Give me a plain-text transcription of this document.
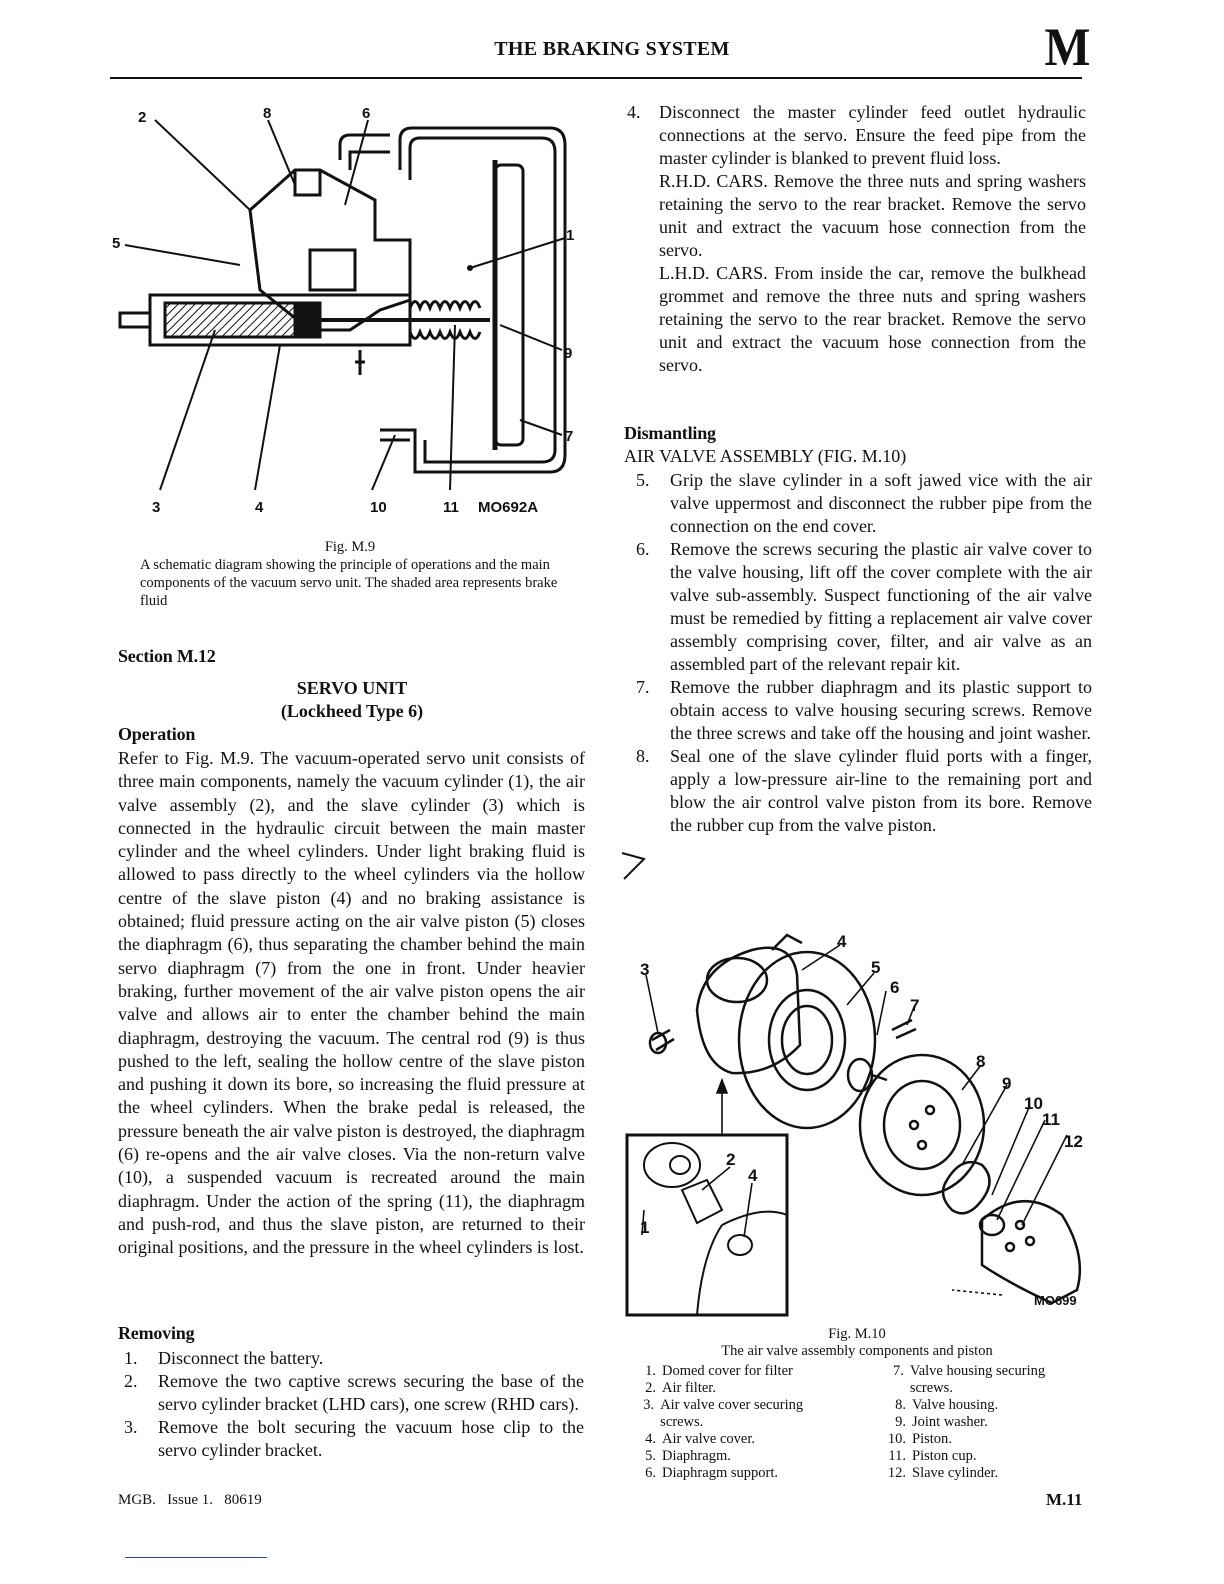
THE BRAKING SYSTEM	M
2	8	6
5	1
9
7
3	4	10	11 MO692A
Fig. M.9
A schematic diagram showing the principle of operations and the main components of the vacuum servo unit. The shaded area represents brake fluid
Section M.12
SERVO UNIT
(Lockheed Type 6)
Operation
Refer to Fig. M.9. The vacuum-operated servo unit consists of three main components, namely the vacuum cylinder (1), the air valve assembly (2), and the slave cylinder (3) which is connected in the hydraulic circuit between the main master cylinder and the wheel cylinders. Under light braking fluid is allowed to pass directly to the wheel cylinders via the hollow centre of the slave piston (4) and no braking assistance is obtained; fluid pressure acting on the air valve piston (5) closes the diaphragm (6), thus separating the chamber behind the main servo diaphragm (7) from the one in front. Under heavier braking, further movement of the air valve piston opens the air valve and allows air to enter the chamber behind the main diaphragm, destroying the vacuum. The central rod (9) is thus pushed to the left, sealing the hollow centre of the slave piston and pushing it down its bore, so increasing the fluid pressure at the wheel cylinders. When the brake pedal is released, the pressure beneath the air valve piston is destroyed, the diaphragm (6) re-opens and the air valve closes. Via the non-return valve (10), a suspended vacuum is recreated around the main diaphragm. Under the action of the spring (11), the diaphragm and push-rod, and thus the slave piston, are returned to their original positions, and the pressure in the wheel cylinders is lost.
Removing
1. Disconnect the battery.
2. Remove the two captive screws securing the base of the servo cylinder bracket (LHD cars), one screw (RHD cars).
3. Remove the bolt securing the vacuum hose clip to the servo cylinder bracket.
4. Disconnect the master cylinder feed outlet hydraulic connections at the servo. Ensure the feed pipe from the master cylinder is blanked to prevent fluid loss.
R.H.D. CARS. Remove the three nuts and spring washers retaining the servo to the rear bracket. Remove the servo unit and extract the vacuum hose connection from the servo.
L.H.D. CARS. From inside the car, remove the bulkhead grommet and remove the three nuts and spring washers retaining the servo to the rear bracket. Remove the servo unit and extract the vacuum hose connection from the servo.
Dismantling
AIR VALVE ASSEMBLY (FIG. M.10)
5. Grip the slave cylinder in a soft jawed vice with the air valve uppermost and disconnect the rubber pipe from the connection on the end cover.
6. Remove the screws securing the plastic air valve cover to the valve housing, lift off the cover complete with the air valve sub-assembly. Suspect functioning of the air valve must be remedied by fitting a replacement air valve cover assembly comprising cover, filter, and air valve as an assembled part of the relevant repair kit.
7. Remove the rubber diaphragm and its plastic support to obtain access to valve housing securing screws. Remove the three screws and take off the housing and joint washer.
8. Seal one of the slave cylinder fluid ports with a finger, apply a low-pressure air-line to the remaining port and blow the air control valve piston from its bore. Remove the rubber cup from the valve piston.
3
4
5
6
7
8
9
10
11
12
2
4
1
MO699
Fig. M.10
The air valve assembly components and piston
1. Domed cover for filter
2. Air filter.
3. Air valve cover securing screws.
4. Air valve cover.
5. Diaphragm.
6. Diaphragm support.
7. Valve housing securing screws.
8. Valve housing.
9. Joint washer.
10. Piston.
11. Piston cup.
12. Slave cylinder.
MGB.   Issue 1.   80619	M.11
